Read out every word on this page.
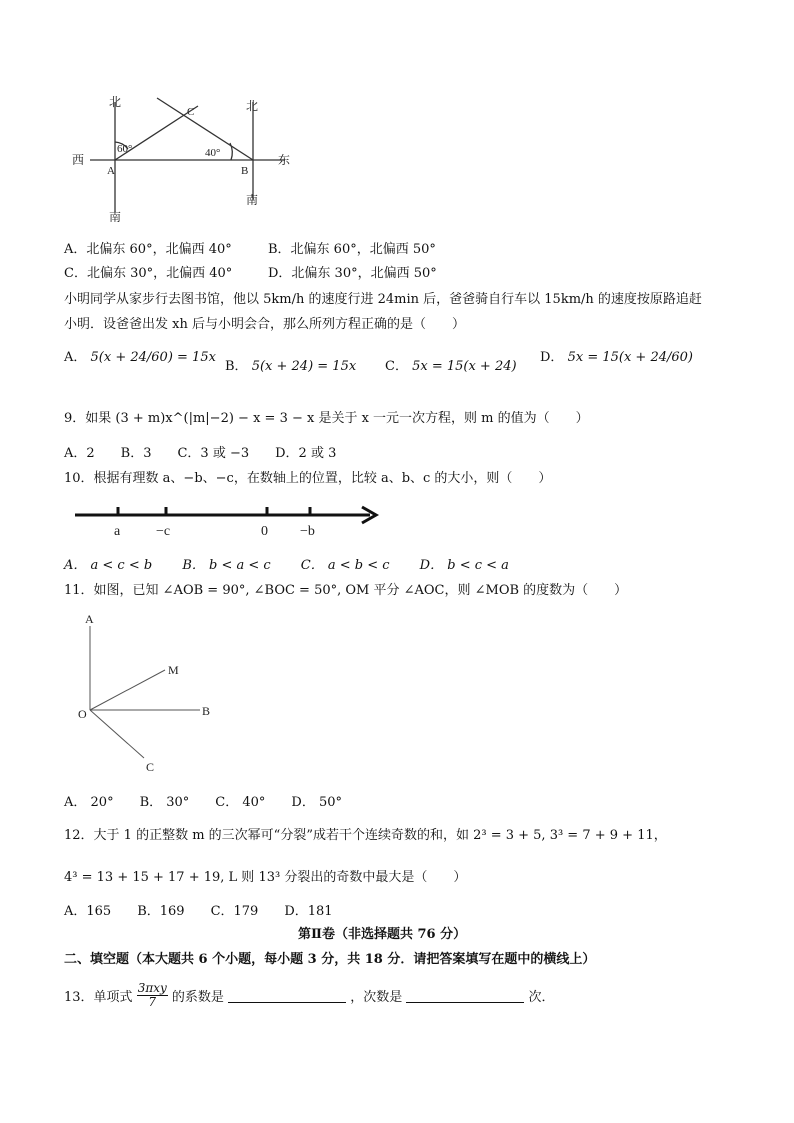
北	北
南
南
西	东
A	B
C
60°	40°
A．北偏东 60°，北偏西 40°	B．北偏东 60°，北偏西 50°
C．北偏东 30°，北偏西 40°	D．北偏东 30°，北偏西 50°
小明同学从家步行去图书馆，他以 5km/h 的速度行进 24min 后，爸爸骑自行车以 15km/h 的速度按原路追赶
小明．设爸爸出发 xh 后与小明会合，那么所列方程正确的是（　　）
A． 5(x + 24/60) = 15x
B． 5(x + 24) = 15x C． 5x = 15(x + 24)
D． 5x = 15(x + 24/60)
9．如果 (3 + m)x^(|m|−2) − x = 3 − x 是关于 x 一元一次方程，则 m 的值为（　　）
A．2　　B．3　　C．3 或 −3　　D．2 或 3
10．根据有理数 a、−b、−c，在数轴上的位置，比较 a、b、c 的大小，则（　　）
a	−c	0 −b
A． a < c < b　　 B． b < a < c　　 C． a < b < c　　 D． b < c < a
11．如图，已知 ∠AOB = 90°, ∠BOC = 50°, OM 平分 ∠AOC，则 ∠MOB 的度数为（　　）
A
M
O	B
C
A． 20°　　B． 30°　　C． 40°　　D． 50°
12．大于 1 的正整数 m 的三次幂可“分裂”成若干个连续奇数的和，如 2³ = 3 + 5, 3³ = 7 + 9 + 11，
4³ = 13 + 15 + 17 + 19, L 则 13³ 分裂出的奇数中最大是（　　）
A．165　　B．169　　C．179　　D．181
第Ⅱ卷（非选择题共 76 分）
二、填空题（本大题共 6 个小题，每小题 3 分，共 18 分．请把答案填写在题中的横线上）
13．单项式 $\frac{\text{3πxy}}{7}$ 的系数是	，次数是	次．
